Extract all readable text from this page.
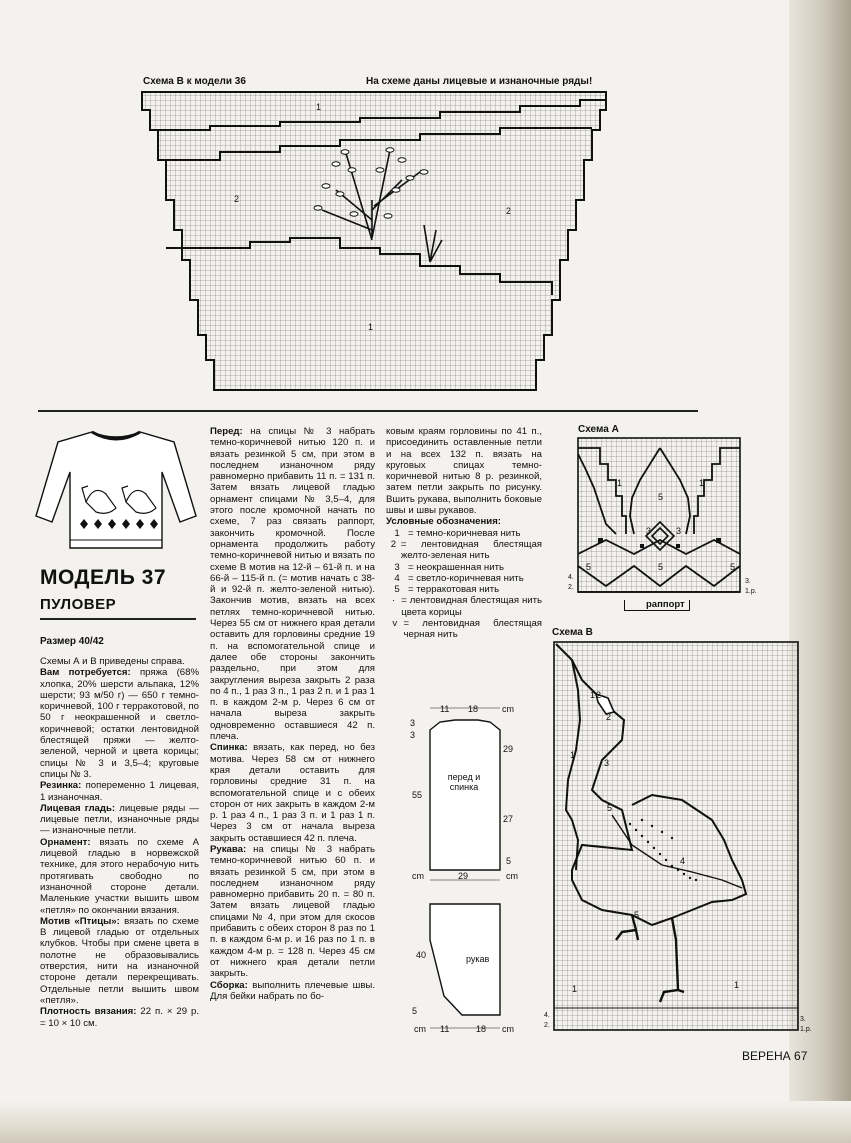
Схема В к модели 36	На схеме даны лицевые и изнаночные ряды!
1
2
2
1
МОДЕЛЬ 37
ПУЛОВЕР
Размер 40/42

Схемы А и В приведены справа.

Вам потребуется: пряжа (68% хлопка, 20% шерсти альпака, 12% шерсти; 93 м/50 г) — 650 г темно-коричневой, 100 г терракотовой, по 50 г неокрашенной и светло-коричневой; остатки лентовидной блестящей пряжи — желто-зеленой, черной и цвета корицы; спицы № 3 и 3,5–4; круговые спицы № 3.

Резинка: попеременно 1 лицевая, 1 изнаночная.

Лицевая гладь: лицевые ряды — лицевые петли, изнаночные ряды — изнаночные петли.

Орнамент: вязать по схеме А лицевой гладью в норвежской технике, для этого нерабочую нить протягивать свободно по изнаночной стороне детали. Маленькие участки вышить швом «петля» по окончании вязания.

Мотив «Птицы»: вязать по схеме В лицевой гладью от отдельных клубков. Чтобы при смене цвета в полотне не образовывались отверстия, нити на изнаночной стороне детали перекрещивать. Отдельные петли вышить швом «петля».

Плотность вязания: 22 п. × 29 р. = 10 × 10 см.

Перед: на спицы № 3 набрать темно-коричневой нитью 120 п. и вязать резинкой 5 см, при этом в последнем изнаночном ряду равномерно прибавить 11 п. = 131 п. Затем вязать лицевой гладью орнамент спицами № 3,5–4, для этого после кромочной начать по схеме, 7 раз связать раппорт, закончить кромочной. После орнамента продолжить работу темно-коричневой нитью и вязать по схеме В мотив на 12-й – 61-й п. и на 66-й – 115-й п. (= мотив начать с 38-й и 92-й п. желто-зеленой нитью). Закончив мотив, вязать на всех петлях темно-коричневой нитью. Через 55 см от нижнего края детали оставить для горловины средние 19 п. на вспомогательной спице и далее обе стороны закончить раздельно, при этом для закругления выреза закрыть 2 раза по 4 п., 1 раз 3 п., 1 раз 2 п. и 1 раз 1 п. в каждом 2-м р. Через 6 см от начала выреза закрыть одновременно оставшиеся 42 п. плеча.

Спинка: вязать, как перед, но без мотива. Через 58 см от нижнего края детали оставить для горловины средние 31 п. на вспомогательной спице и с обеих сторон от них закрыть в каждом 2-м р. 1 раз 4 п., 1 раз 3 п. и 1 раз 1 п. Через 3 см от начала выреза закрыть оставшиеся 42 п. плеча.

Рукава: на спицы № 3 набрать темно-коричневой нитью 60 п. и вязать резинкой 5 см, при этом в последнем изнаночном ряду равномерно прибавить 20 п. = 80 п. Затем вязать лицевой гладью спицами № 4, при этом для скосов прибавить с обеих сторон 8 раз по 1 п. в каждом 6-м р. и 16 раз по 1 п. в каждом 4-м р. = 128 п. Через 45 см от нижнего края детали петли закрыть.

Сборка: выполнить плечевые швы. Для бейки набрать по бо-

ковым краям горловины по 41 п., присоединить оставленные петли и на всех 132 п. вязать на круговых спицах темно-коричневой нитью 8 р. резинкой, затем петли закрыть по рисунку. Вшить рукава, выполнить боковые швы и швы рукавов.

Условные обозначения:

1 = темно-коричневая нить
2 = лентовидная блестящая желто-зеленая нить
3 = неокрашенная нить
4 = светло-коричневая нить
5 = терракотовая нить
· = лентовидная блестящая нить цвета корицы
v = лентовидная блестящая черная нить
перед и спинка
рукав
11 18	cm
29
55
27
5
cm	29	cm
3
3
40
5
cm 11	18 cm
Схема А
раппорт
1
5
1
3	3
5	5	5
4.
2.
3.
1.р.
Схема В
1 2
2
1
3
5
4
5
1	1
4.
2.
3.
1.р.
ВЕРЕНА 67
